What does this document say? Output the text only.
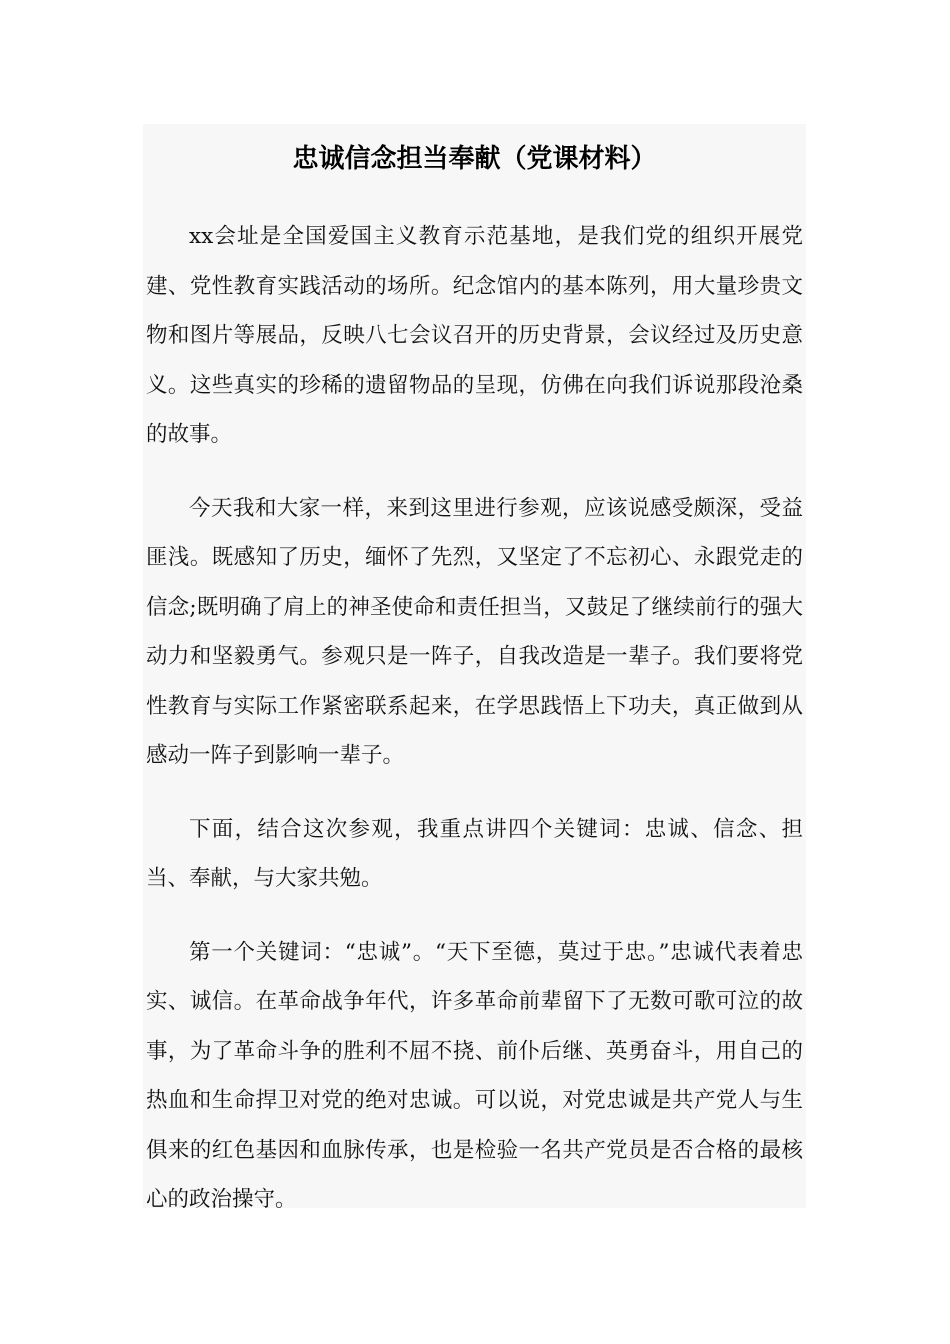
忠诚信念担当奉献（党课材料）

xx会址是全国爱国主义教育示范基地，是我们党的组织开展党建、党性教育实践活动的场所。纪念馆内的基本陈列，用大量珍贵文物和图片等展品，反映八七会议召开的历史背景，会议经过及历史意义。这些真实的珍稀的遗留物品的呈现，仿佛在向我们诉说那段沧桑的故事。

今天我和大家一样，来到这里进行参观，应该说感受颇深，受益匪浅。既感知了历史，缅怀了先烈，又坚定了不忘初心、永跟党走的信念;既明确了肩上的神圣使命和责任担当，又鼓足了继续前行的强大动力和坚毅勇气。参观只是一阵子，自我改造是一辈子。我们要将党性教育与实际工作紧密联系起来，在学思践悟上下功夫，真正做到从感动一阵子到影响一辈子。

下面，结合这次参观，我重点讲四个关键词：忠诚、信念、担当、奉献，与大家共勉。

第一个关键词：“忠诚”。“天下至德，莫过于忠。”忠诚代表着忠实、诚信。在革命战争年代，许多革命前辈留下了无数可歌可泣的故事，为了革命斗争的胜利不屈不挠、前仆后继、英勇奋斗，用自己的热血和生命捍卫对党的绝对忠诚。可以说，对党忠诚是共产党人与生俱来的红色基因和血脉传承，也是检验一名共产党员是否合格的最核心的政治操守。
